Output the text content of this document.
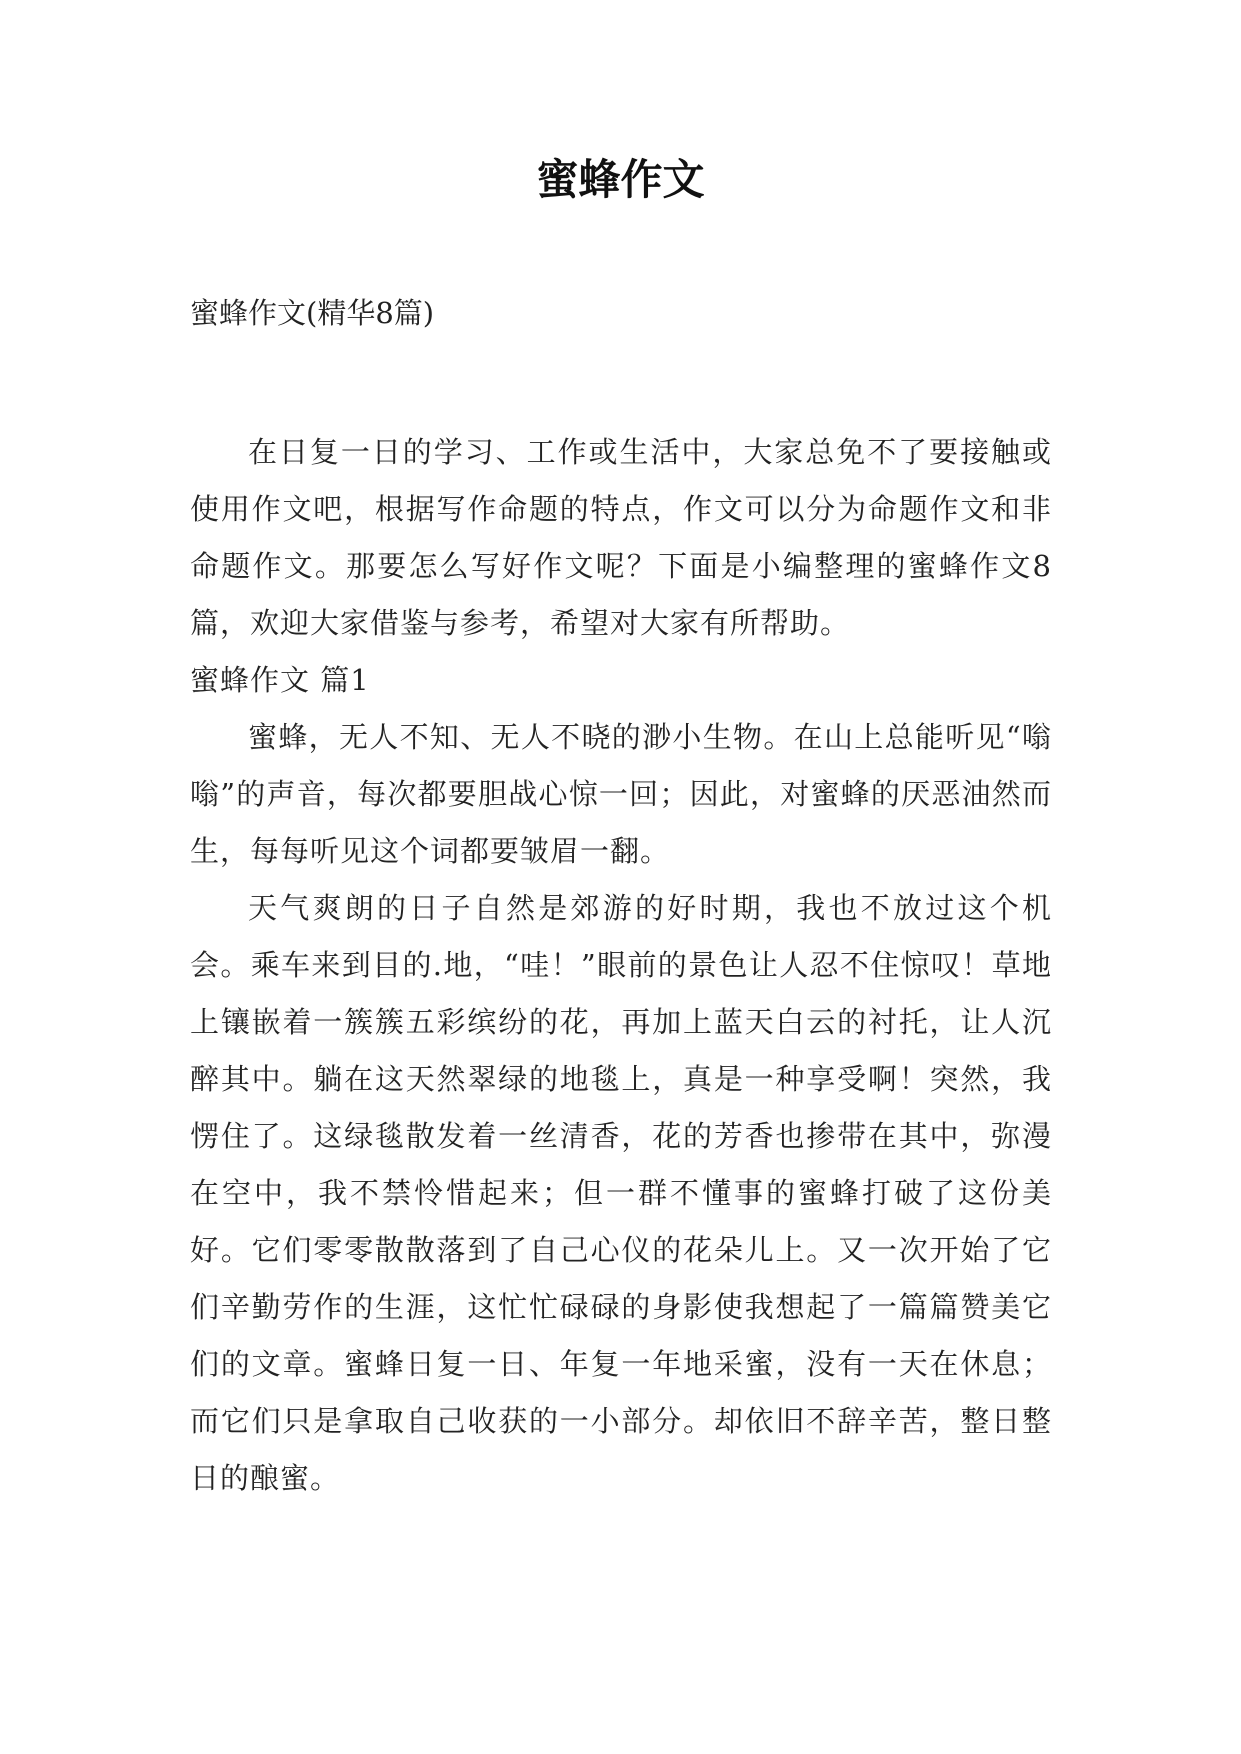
蜜蜂作文

蜜蜂作文(精华8篇)

在日复一日的学习、工作或生活中，大家总免不了要接触或使用作文吧，根据写作命题的特点，作文可以分为命题作文和非命题作文。那要怎么写好作文呢？下面是小编整理的蜜蜂作文8篇，欢迎大家借鉴与参考，希望对大家有所帮助。

蜜蜂作文 篇1

蜜蜂，无人不知、无人不晓的渺小生物。在山上总能听见“嗡嗡”的声音，每次都要胆战心惊一回；因此，对蜜蜂的厌恶油然而生，每每听见这个词都要皱眉一翻。

天气爽朗的日子自然是郊游的好时期，我也不放过这个机会。乘车来到目的.地，“哇！”眼前的景色让人忍不住惊叹！草地上镶嵌着一簇簇五彩缤纷的花，再加上蓝天白云的衬托，让人沉醉其中。躺在这天然翠绿的地毯上，真是一种享受啊！突然，我愣住了。这绿毯散发着一丝清香，花的芳香也掺带在其中，弥漫在空中，我不禁怜惜起来；但一群不懂事的蜜蜂打破了这份美好。它们零零散散落到了自己心仪的花朵儿上。又一次开始了它们辛勤劳作的生涯，这忙忙碌碌的身影使我想起了一篇篇赞美它们的文章。蜜蜂日复一日、年复一年地采蜜，没有一天在休息；而它们只是拿取自己收获的一小部分。却依旧不辞辛苦，整日整日的酿蜜。
